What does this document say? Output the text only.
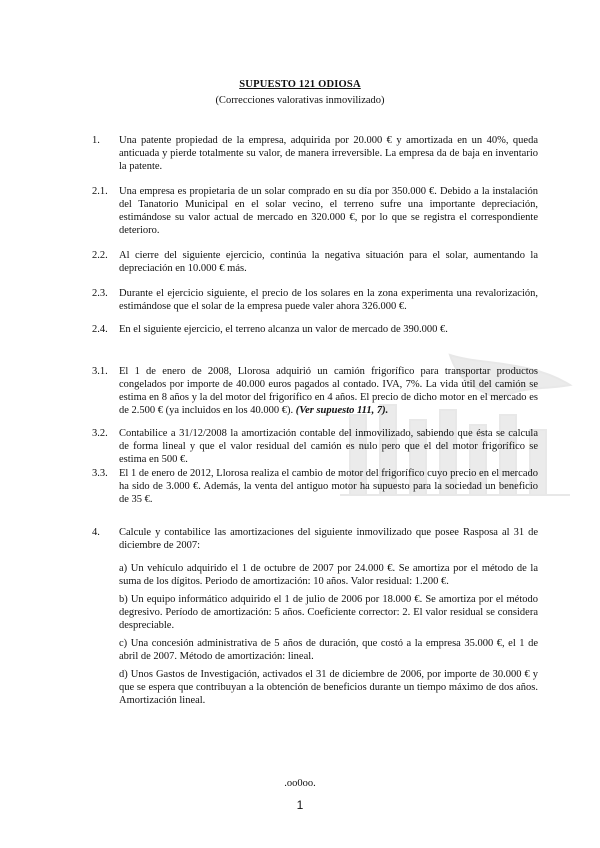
SUPUESTO 121 ODIOSA
(Correcciones valorativas inmovilizado)
1.	Una patente propiedad de la empresa, adquirida por 20.000 € y amortizada en un 40%, queda anticuada y pierde totalmente su valor, de manera irreversible. La empresa da de baja en inventario la patente.
2.1.	Una empresa es propietaria de un solar comprado en su día por 350.000 €. Debido a la instalación del Tanatorio Municipal en el solar vecino, el terreno sufre una importante depreciación, estimándose su valor actual de mercado en 320.000 €, por lo que se registra el correspondiente deterioro.
2.2.	Al cierre del siguiente ejercicio, continúa la negativa situación para el solar, aumentando la depreciación en 10.000 € más.
2.3.	Durante el ejercicio siguiente, el precio de los solares en la zona experimenta una revalorización, estimándose que el solar de la empresa puede valer ahora 326.000 €.
2.4.	En el siguiente ejercicio, el terreno alcanza un valor de mercado de 390.000 €.
3.1.	El 1 de enero de 2008, Llorosa adquirió un camión frigorífico para transportar productos congelados por importe de 40.000 euros pagados al contado. IVA, 7%. La vida útil del camión se estima en 8 años y la del motor del frigorífico en 4 años. El precio de dicho motor en el mercado es de 2.500 € (ya incluidos en los 40.000 €). (Ver supuesto 111, 7).
3.2.	Contabilice a 31/12/2008 la amortización contable del inmovilizado, sabiendo que ésta se calcula de forma lineal y que el valor residual del camión es nulo pero que el del motor frigorífico se estima en 500 €.
3.3.	El 1 de enero de 2012, Llorosa realiza el cambio de motor del frigorífico cuyo precio en el mercado ha sido de 3.000 €. Además, la venta del antiguo motor ha supuesto para la sociedad un beneficio de 35 €.
4.	Calcule y contabilice las amortizaciones del siguiente inmovilizado que posee Rasposa al 31 de diciembre de 2007:
a) Un vehículo adquirido el 1 de octubre de 2007 por 24.000 €. Se amortiza por el método de la suma de los dígitos. Periodo de amortización: 10 años. Valor residual: 1.200 €.
b) Un equipo informático adquirido el 1 de julio de 2006 por 18.000 €. Se amortiza por el método degresivo. Período de amortización: 5 años. Coeficiente corrector: 2. El valor residual se considera despreciable.
c) Una concesión administrativa de 5 años de duración, que costó a la empresa 35.000 €, el 1 de abril de 2007. Método de amortización: lineal.
d) Unos Gastos de Investigación, activados el 31 de diciembre de 2006, por importe de 30.000 € y que se espera que contribuyan a la obtención de beneficios durante un tiempo máximo de dos años. Amortización lineal.
.oo0oo.
1
